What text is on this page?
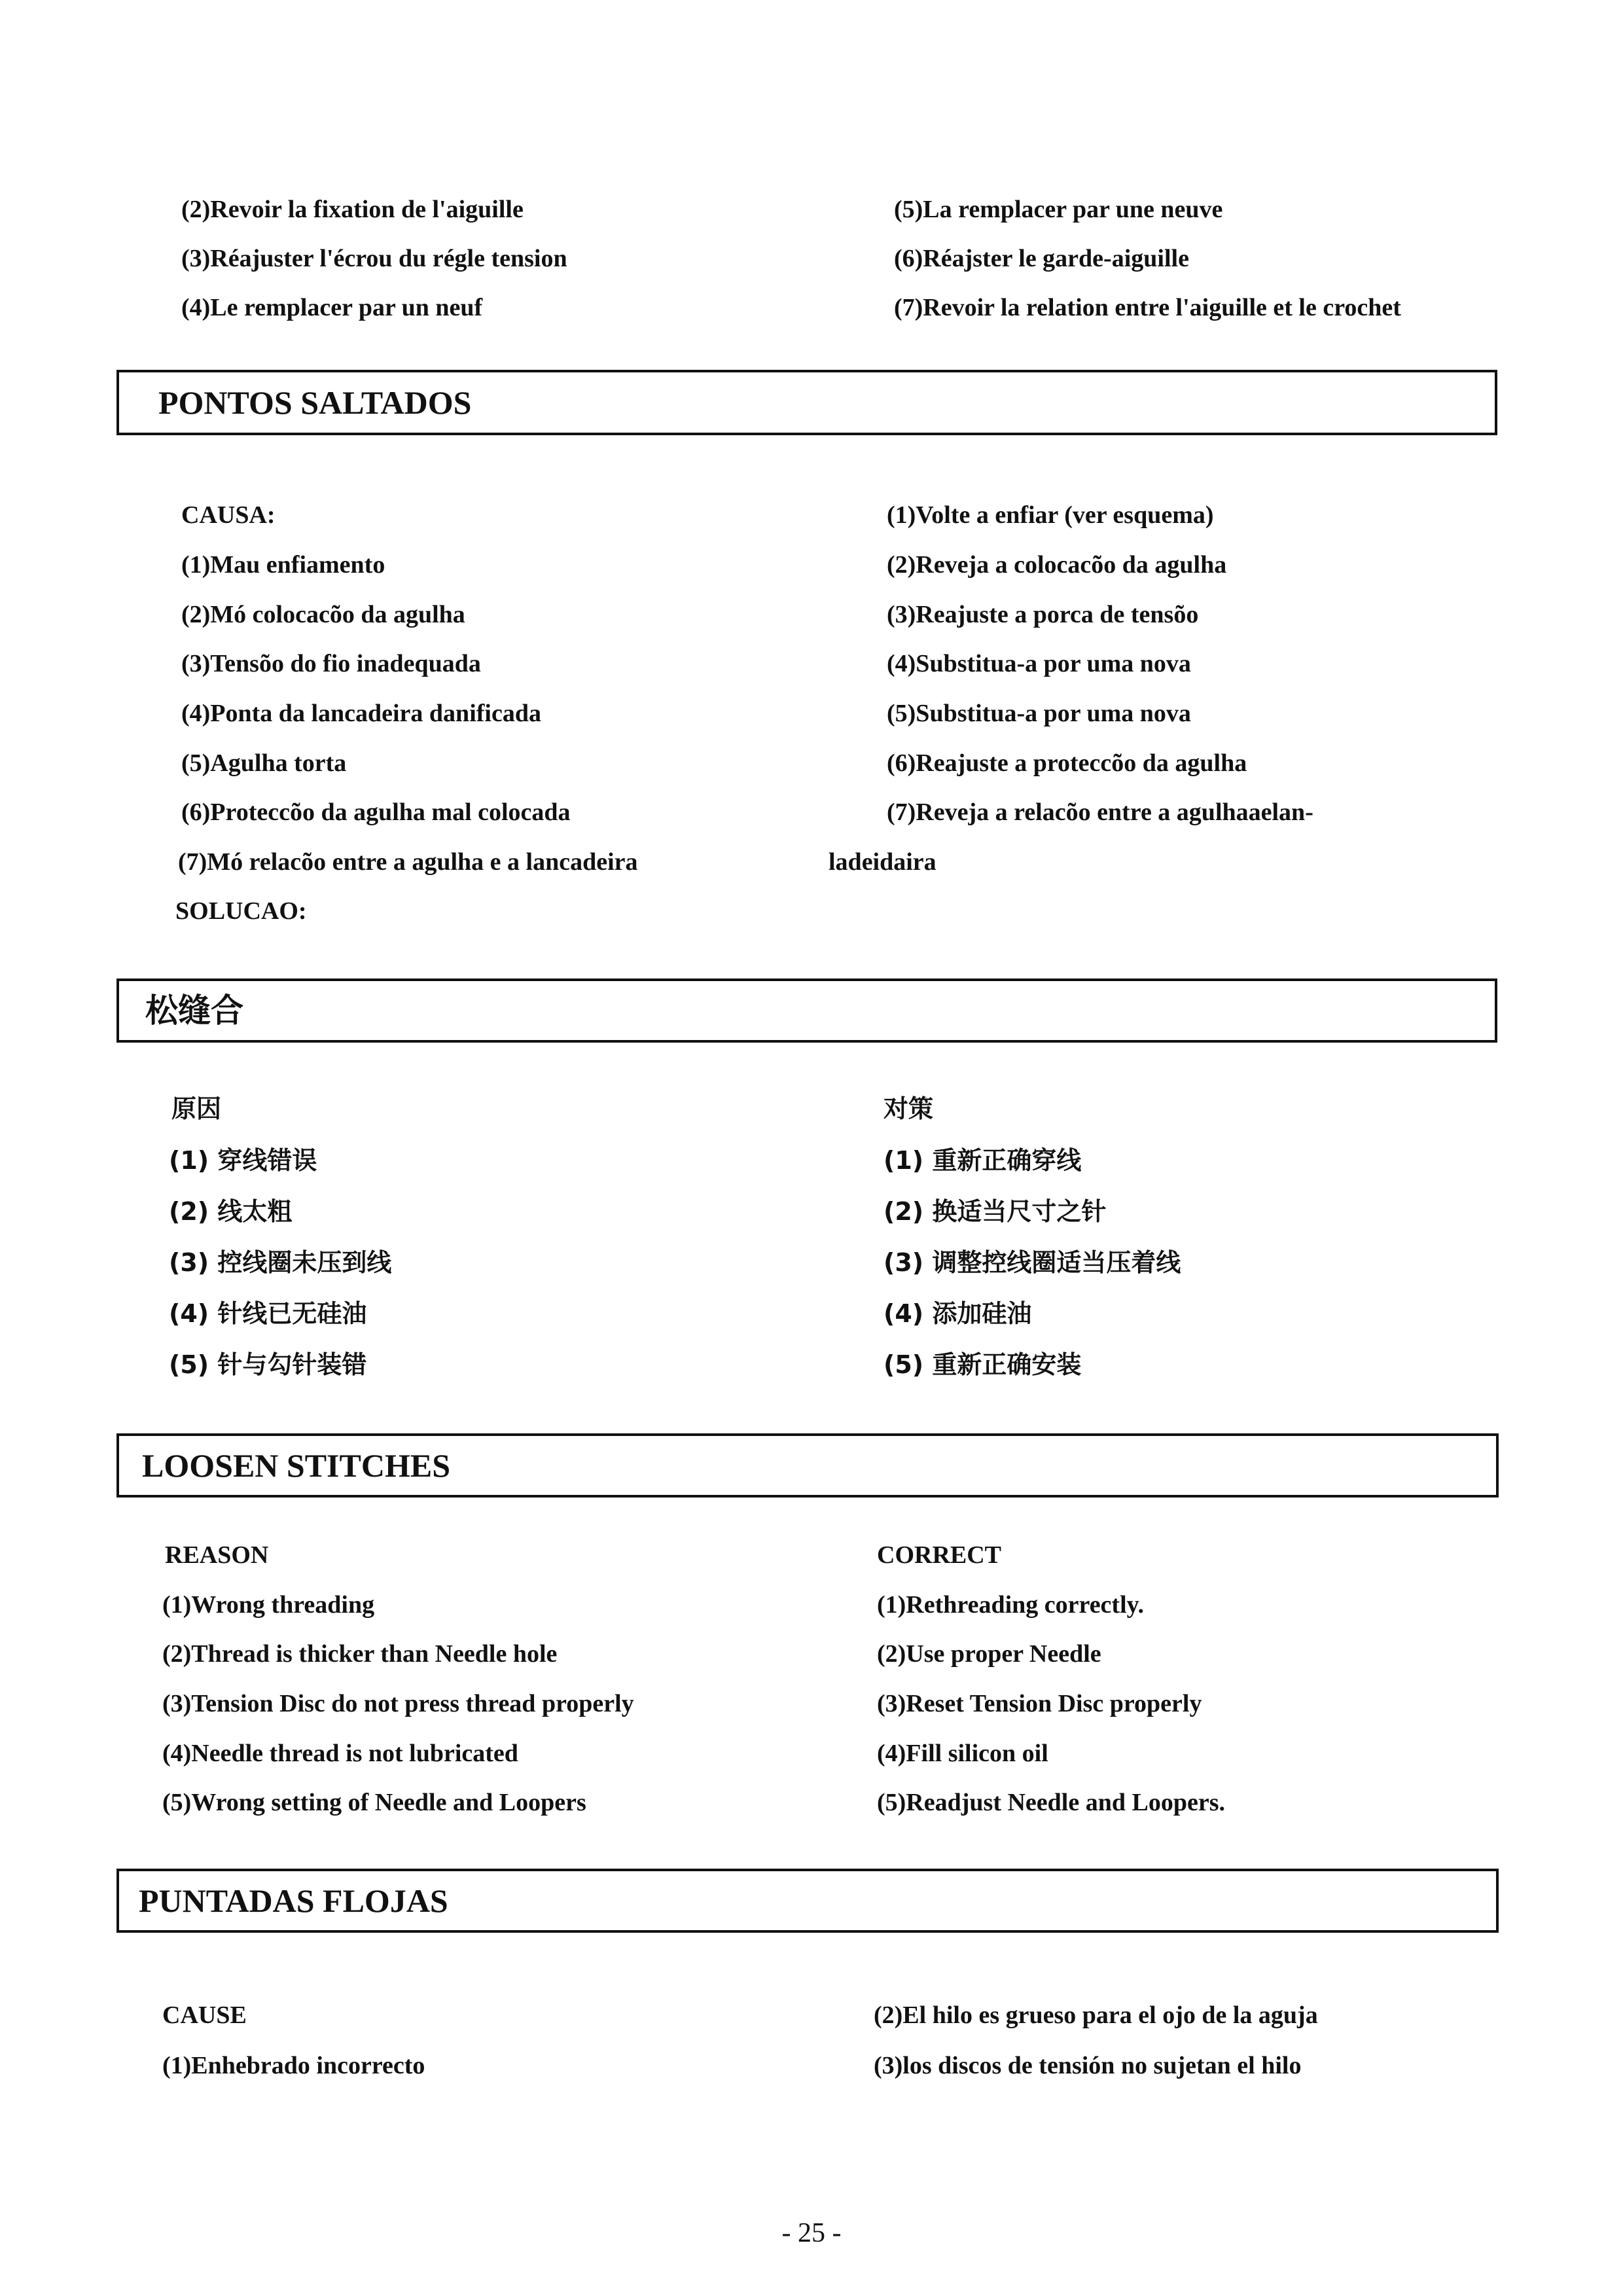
(2)Revoir la fixation de l'aiguille
(3)Réajuster l'écrou du régle tension
(4)Le remplacer par un neuf
(5)La remplacer par une neuve
(6)Réajster le garde-aiguille
(7)Revoir la relation entre l'aiguille et le crochet
PONTOS SALTADOS
CAUSA:
(1)Mau enfiamento
(2)Mó colocacõo da agulha
(3)Tensõo do fio inadequada
(4)Ponta da lancadeira danificada
(5)Agulha torta
(6)Proteccõo da agulha mal colocada
(7)Mó relacõo entre a agulha e a lancadeira
SOLUCAO:
(1)Volte a enfiar (ver esquema)
(2)Reveja a colocacõo da agulha
(3)Reajuste a porca de tensõo
(4)Substitua-a por uma nova
(5)Substitua-a por uma nova
(6)Reajuste a proteccõo da agulha
(7)Reveja a relacõo entre a agulhaaelan-
ladeidaira
松缝合
原因
(1) 穿线错误
(2) 线太粗
(3) 控线圈未压到线
(4) 针线已无硅油
(5) 针与勾针装错
对策
(1) 重新正确穿线
(2) 换适当尺寸之针
(3) 调整控线圈适当压着线
(4) 添加硅油
(5) 重新正确安装
LOOSEN STITCHES
REASON
(1)Wrong threading
(2)Thread is thicker than Needle hole
(3)Tension Disc do not press thread properly
(4)Needle thread is not lubricated
(5)Wrong setting of Needle and Loopers
CORRECT
(1)Rethreading correctly.
(2)Use proper Needle
(3)Reset Tension Disc properly
(4)Fill silicon oil
(5)Readjust Needle and Loopers.
PUNTADAS FLOJAS
CAUSE
(1)Enhebrado incorrecto
(2)El hilo es grueso para el ojo de la aguja
(3)los discos de tensión no sujetan el hilo
- 25 -
